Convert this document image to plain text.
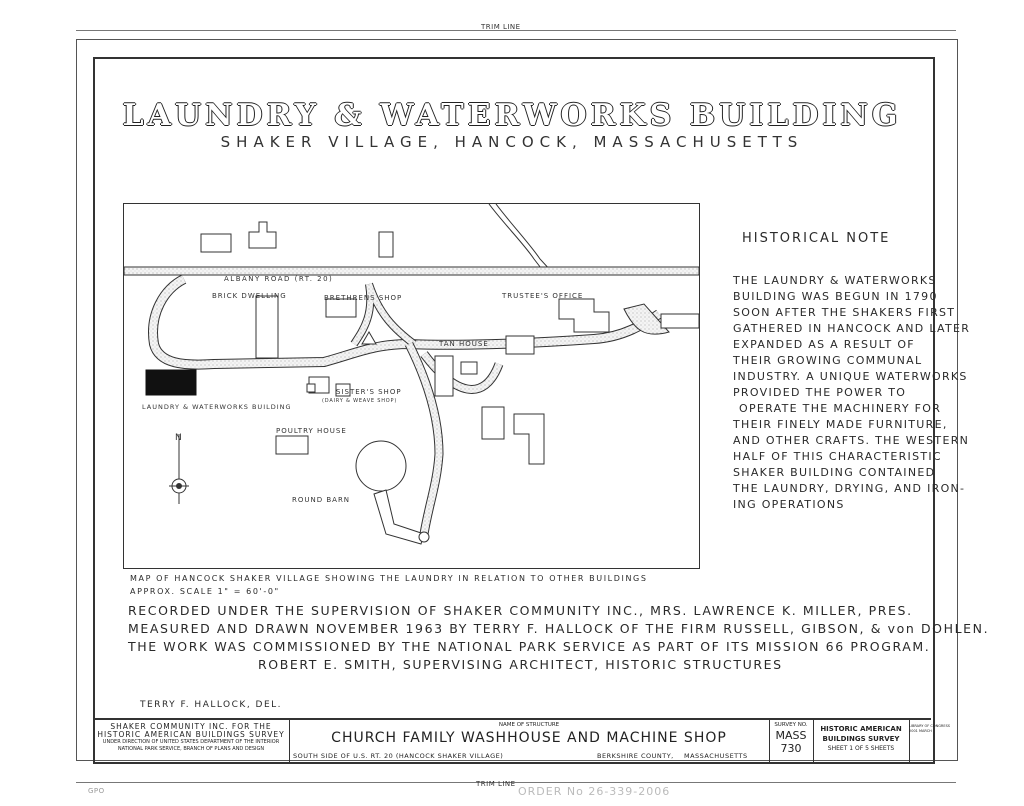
TRIM LINE
TRIM LINE
ORDER No 26-339-2006
GPO
LAUNDRY & WATERWORKS BUILDING
SHAKER VILLAGE, HANCOCK, MASSACHUSETTS
ALBANY ROAD (RT. 20)
N
BRICK DWELLING	BRETHRENS SHOP	TRUSTEE'S OFFICE
TAN HOUSE
SISTER'S SHOP
(DAIRY & WEAVE SHOP)
LAUNDRY & WATERWORKS BUILDING
POULTRY HOUSE
ROUND BARN
MAP OF HANCOCK SHAKER VILLAGE SHOWING THE LAUNDRY IN RELATION TO OTHER BUILDINGS
APPROX. SCALE 1" = 60'-0"
HISTORICAL NOTE
THE LAUNDRY & WATERWORKS
BUILDING WAS BEGUN IN 1790
SOON AFTER THE SHAKERS FIRST
GATHERED IN HANCOCK AND LATER
EXPANDED AS A RESULT OF
THEIR GROWING COMMUNAL
INDUSTRY. A UNIQUE WATERWORKS
PROVIDED THE POWER TO
OPERATE THE MACHINERY FOR
THEIR FINELY MADE FURNITURE,
AND OTHER CRAFTS. THE WESTERN
HALF OF THIS CHARACTERISTIC
SHAKER BUILDING CONTAINED
THE LAUNDRY, DRYING, AND IRON-
ING OPERATIONS
RECORDED UNDER THE SUPERVISION OF SHAKER COMMUNITY INC., MRS. LAWRENCE K. MILLER, PRES.
MEASURED AND DRAWN NOVEMBER 1963 BY TERRY F. HALLOCK OF THE FIRM RUSSELL, GIBSON, & von DOHLEN.
THE WORK WAS COMMISSIONED BY THE NATIONAL PARK SERVICE AS PART OF ITS MISSION 66 PROGRAM.
ROBERT E. SMITH, SUPERVISING ARCHITECT, HISTORIC STRUCTURES
TERRY F. HALLOCK, DEL.
SHAKER COMMUNITY INC. FOR THE
HISTORIC AMERICAN BUILDINGS SURVEY
UNDER DIRECTION OF UNITED STATES DEPARTMENT OF THE INTERIOR
NATIONAL PARK SERVICE, BRANCH OF PLANS AND DESIGN
NAME OF STRUCTURE
CHURCH FAMILY WASHHOUSE AND MACHINE SHOP
SOUTH SIDE OF U.S. RT. 20 (HANCOCK SHAKER VILLAGE)	BERKSHIRE COUNTY, MASSACHUSETTS
SURVEY NO.
MASS
730
HISTORIC AMERICAN
BUILDINGS SURVEY
SHEET 1 OF 5 SHEETS
LIBRARY OF CONGRESS
2001 MARCH
